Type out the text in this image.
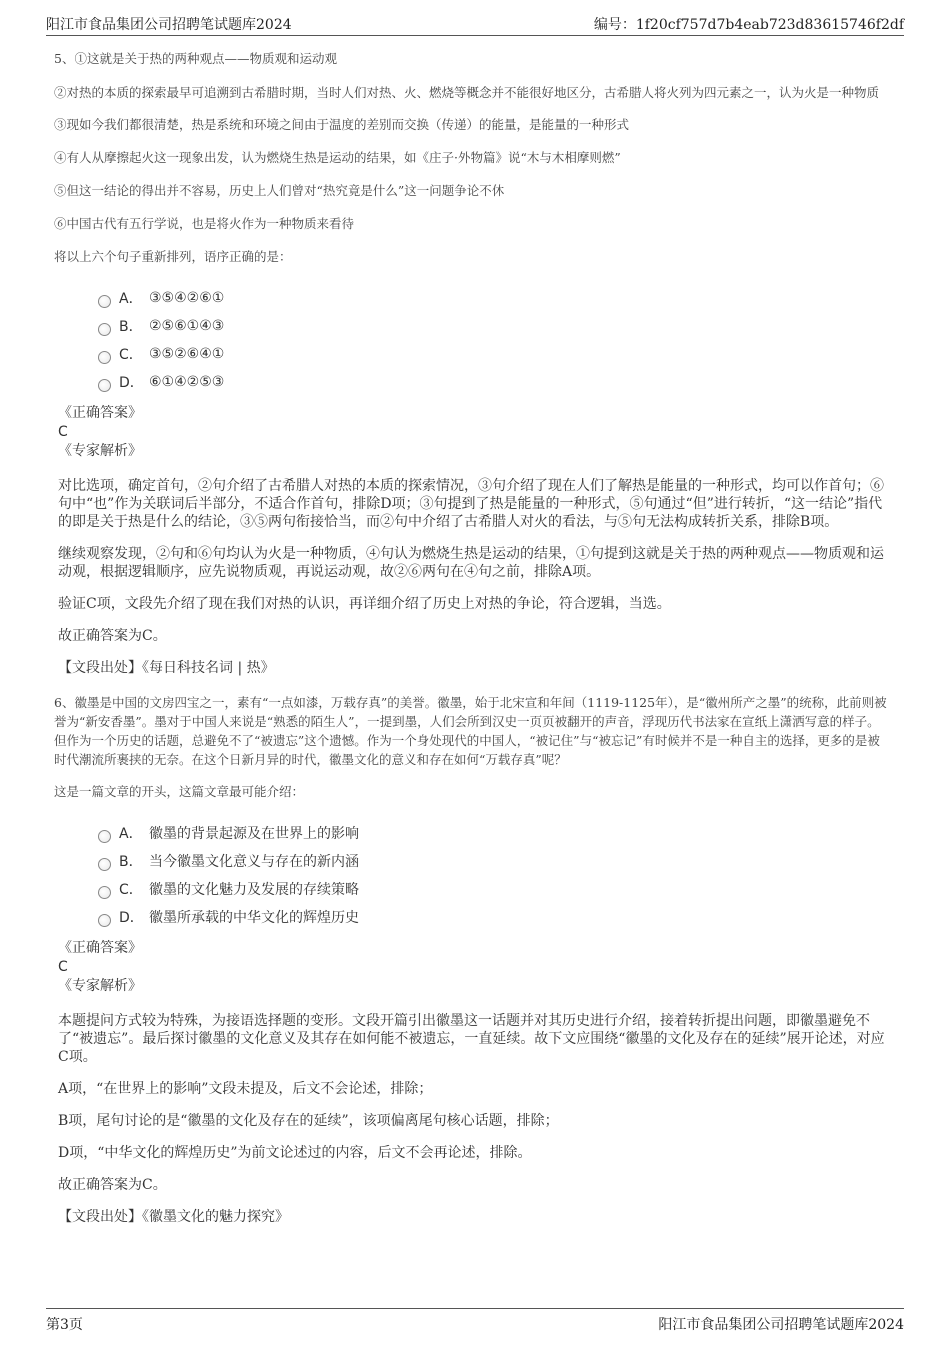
阳江市食品集团公司招聘笔试题库2024	编号：1f20cf757d7b4eab723d83615746f2df

5、①这就是关于热的两种观点——物质观和运动观

②对热的本质的探索最早可追溯到古希腊时期，当时人们对热、火、燃烧等概念并不能很好地区分，古希腊人将火列为四元素之一，认为火是一种物质

③现如今我们都很清楚，热是系统和环境之间由于温度的差别而交换（传递）的能量，是能量的一种形式

④有人从摩擦起火这一现象出发，认为燃烧生热是运动的结果，如《庄子·外物篇》说“木与木相摩则燃”

⑤但这一结论的得出并不容易，历史上人们曾对“热究竟是什么”这一问题争论不休

⑥中国古代有五行学说，也是将火作为一种物质来看待

将以上六个句子重新排列，语序正确的是：

A． ③⑤④②⑥①
B． ②⑤⑥①④③
C． ③⑤②⑥④①
D． ⑥①④②⑤③

《正确答案》

C

《专家解析》

对比选项，确定首句，②句介绍了古希腊人对热的本质的探索情况，③句介绍了现在人们了解热是能量的一种形式，均可以作首句；⑥句中“也”作为关联词后半部分，不适合作首句，排除D项；③句提到了热是能量的一种形式，⑤句通过“但”进行转折，“这一结论”指代的即是关于热是什么的结论，③⑤两句衔接恰当，而②句中介绍了古希腊人对火的看法，与⑤句无法构成转折关系，排除B项。

继续观察发现，②句和⑥句均认为火是一种物质，④句认为燃烧生热是运动的结果，①句提到这就是关于热的两种观点——物质观和运动观，根据逻辑顺序，应先说物质观，再说运动观，故②⑥两句在④句之前，排除A项。

验证C项，文段先介绍了现在我们对热的认识，再详细介绍了历史上对热的争论，符合逻辑，当选。

故正确答案为C。

【文段出处】《每日科技名词 | 热》

6、徽墨是中国的文房四宝之一，素有“一点如漆，万载存真”的美誉。徽墨，始于北宋宣和年间（1119-1125年），是“徽州所产之墨”的统称，此前则被誉为“新安香墨”。墨对于中国人来说是“熟悉的陌生人”，一提到墨，人们会所到汉史一页页被翻开的声音，浮现历代书法家在宣纸上潇洒写意的样子。但作为一个历史的话题，总避免不了“被遗忘”这个遗憾。作为一个身处现代的中国人，“被记住”与“被忘记”有时候并不是一种自主的选择，更多的是被时代潮流所裹挟的无奈。在这个日新月异的时代，徽墨文化的意义和存在如何“万载存真”呢？

这是一篇文章的开头，这篇文章最可能介绍：

A． 徽墨的背景起源及在世界上的影响
B． 当今徽墨文化意义与存在的新内涵
C． 徽墨的文化魅力及发展的存续策略
D． 徽墨所承载的中华文化的辉煌历史

《正确答案》

C

《专家解析》

本题提问方式较为特殊，为接语选择题的变形。文段开篇引出徽墨这一话题并对其历史进行介绍，接着转折提出问题，即徽墨避免不了“被遗忘”。最后探讨徽墨的文化意义及其存在如何能不被遗忘，一直延续。故下文应围绕“徽墨的文化及存在的延续”展开论述，对应C项。

A项，“在世界上的影响”文段未提及，后文不会论述，排除；

B项，尾句讨论的是“徽墨的文化及存在的延续”，该项偏离尾句核心话题，排除；

D项，“中华文化的辉煌历史”为前文论述过的内容，后文不会再论述，排除。

故正确答案为C。

【文段出处】《徽墨文化的魅力探究》

第3页	阳江市食品集团公司招聘笔试题库2024
